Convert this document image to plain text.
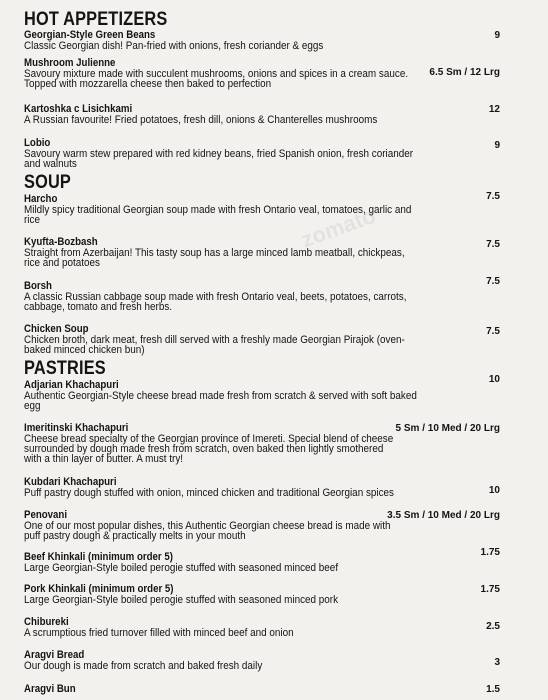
zomato
HOT APPETIZERS
Georgian-Style Green Beans
Classic Georgian dish! Pan-fried with onions, fresh coriander & eggs
9
Mushroom Julienne
Savoury mixture made with succulent mushrooms, onions and spices in a cream sauce. Topped with mozzarella cheese then baked to perfection
6.5 Sm / 12 Lrg
Kartoshka c Lisichkami
A Russian favourite! Fried potatoes, fresh dill, onions & Chanterelles mushrooms
12
Lobio
Savoury warm stew prepared with red kidney beans, fried Spanish onion, fresh coriander and walnuts
9
SOUP
Harcho
Mildly spicy traditional Georgian soup made with fresh Ontario veal, tomatoes, garlic and rice
7.5
Kyufta-Bozbash
Straight from Azerbaijan! This tasty soup has a large minced lamb meatball, chickpeas, rice and potatoes
7.5
Borsh
A classic Russian cabbage soup made with fresh Ontario veal, beets, potatoes, carrots, cabbage, tomato and fresh herbs.
7.5
Chicken Soup
Chicken broth, dark meat, fresh dill served with a freshly made Georgian Pirajok (oven-baked minced chicken bun)
7.5
PASTRIES
Adjarian Khachapuri
Authentic Georgian-Style cheese bread made fresh from scratch & served with soft baked egg
10
Imeritinski Khachapuri
Cheese bread specialty of the Georgian province of Imereti. Special blend of cheese surrounded by dough made fresh from scratch, oven baked then lightly smothered with a thin layer of butter. A must try!
5 Sm / 10 Med / 20 Lrg
Kubdari Khachapuri
Puff pastry dough stuffed with onion, minced chicken and traditional Georgian spices	10
Penovani
One of our most popular dishes, this Authentic Georgian cheese bread is made with puff pastry dough & practically melts in your mouth
3.5 Sm / 10 Med / 20 Lrg
Beef Khinkali (minimum order 5)
Large Georgian-Style boiled perogie stuffed with seasoned minced beef
1.75
Pork Khinkali (minimum order 5)
Large Georgian-Style boiled perogie stuffed with seasoned minced pork
1.75
Chibureki
A scrumptious fried turnover filled with minced beef and onion
2.5
Aragvi Bread
Our dough is made from scratch and baked fresh daily	3
Aragvi Bun	1.5
